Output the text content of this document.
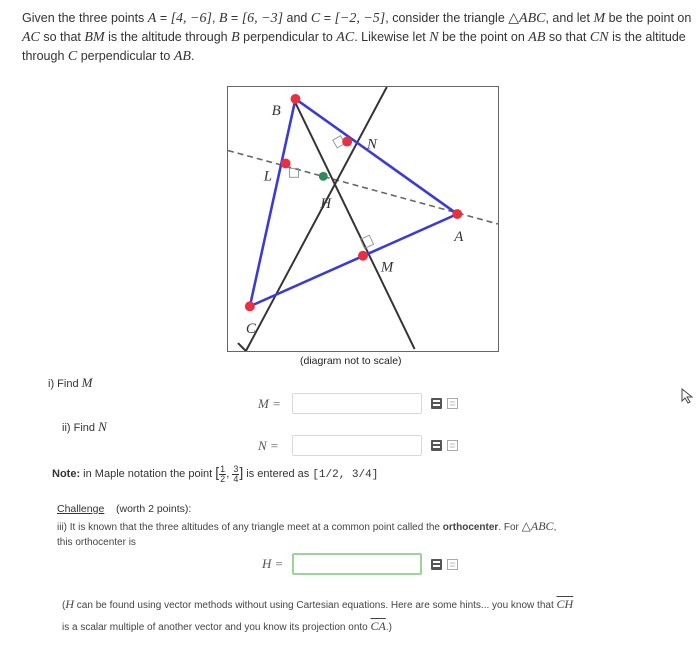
Given the three points A = [4, −6], B = [6, −3] and C = [−2, −5], consider the triangle △ABC, and let M be the point on AC so that BM is the altitude through B perpendicular to AC. Likewise let N be the point on AB so that CN is the altitude through C perpendicular to AB.
B
N
L
H
A
M
C
(diagram not to scale)
i) Find M
M =
ii) Find N
N =
Note: in Maple notation the point [ $\frac{1}{2}$ , $\frac{3}{4}$ ] is entered as [1/2, 3/4]
Challenge (worth 2 points):
iii) It is known that the three altitudes of any triangle meet at a common point called the orthocenter. For △ABC,
this orthocenter is
H =
(H can be found using vector methods without using Cartesian equations. Here are some hints... you know that $\overline{CH}$
is a scalar multiple of another vector and you know its projection onto $\overline{CA}$.)
